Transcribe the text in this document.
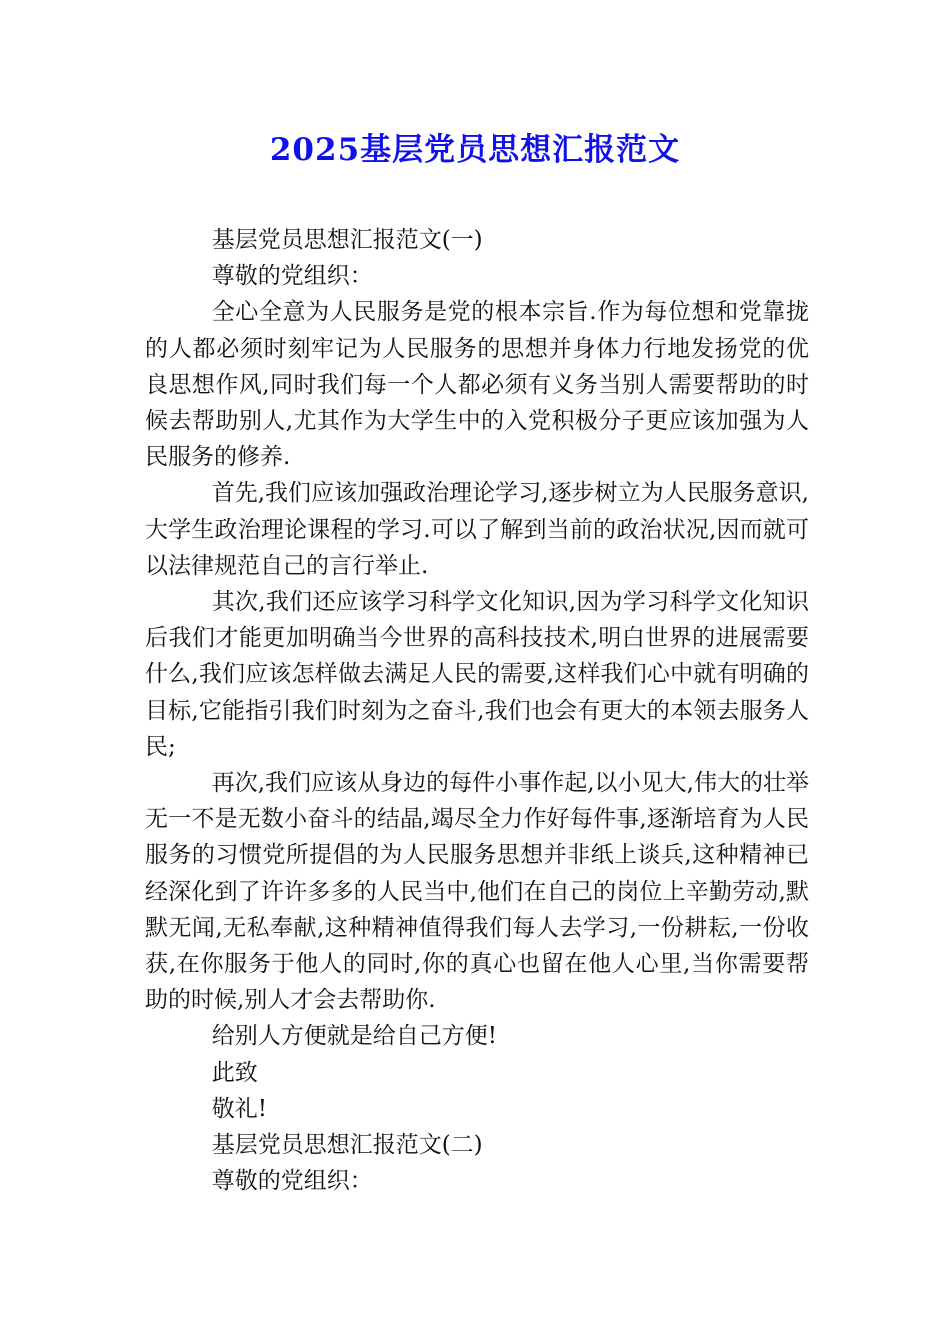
2025基层党员思想汇报范文

基层党员思想汇报范文(一)

尊敬的党组织：

全心全意为人民服务是党的根本宗旨.作为每位想和党靠拢的人都必须时刻牢记为人民服务的思想并身体力行地发扬党的优良思想作风,同时我们每一个人都必须有义务当别人需要帮助的时候去帮助别人,尤其作为大学生中的入党积极分子更应该加强为人民服务的修养.

首先,我们应该加强政治理论学习,逐步树立为人民服务意识,大学生政治理论课程的学习.可以了解到当前的政治状况,因而就可以法律规范自己的言行举止.

其次,我们还应该学习科学文化知识,因为学习科学文化知识后我们才能更加明确当今世界的高科技技术,明白世界的进展需要什么,我们应该怎样做去满足人民的需要,这样我们心中就有明确的目标,它能指引我们时刻为之奋斗,我们也会有更大的本领去服务人民;

再次,我们应该从身边的每件小事作起,以小见大,伟大的壮举无一不是无数小奋斗的结晶,竭尽全力作好每件事,逐渐培育为人民服务的习惯党所提倡的为人民服务思想并非纸上谈兵,这种精神已经深化到了许许多多的人民当中,他们在自己的岗位上辛勤劳动,默默无闻,无私奉献,这种精神值得我们每人去学习,一份耕耘,一份收获,在你服务于他人的同时,你的真心也留在他人心里,当你需要帮助的时候,别人才会去帮助你.

给别人方便就是给自己方便!

此致

敬礼!

基层党员思想汇报范文(二)

尊敬的党组织：
